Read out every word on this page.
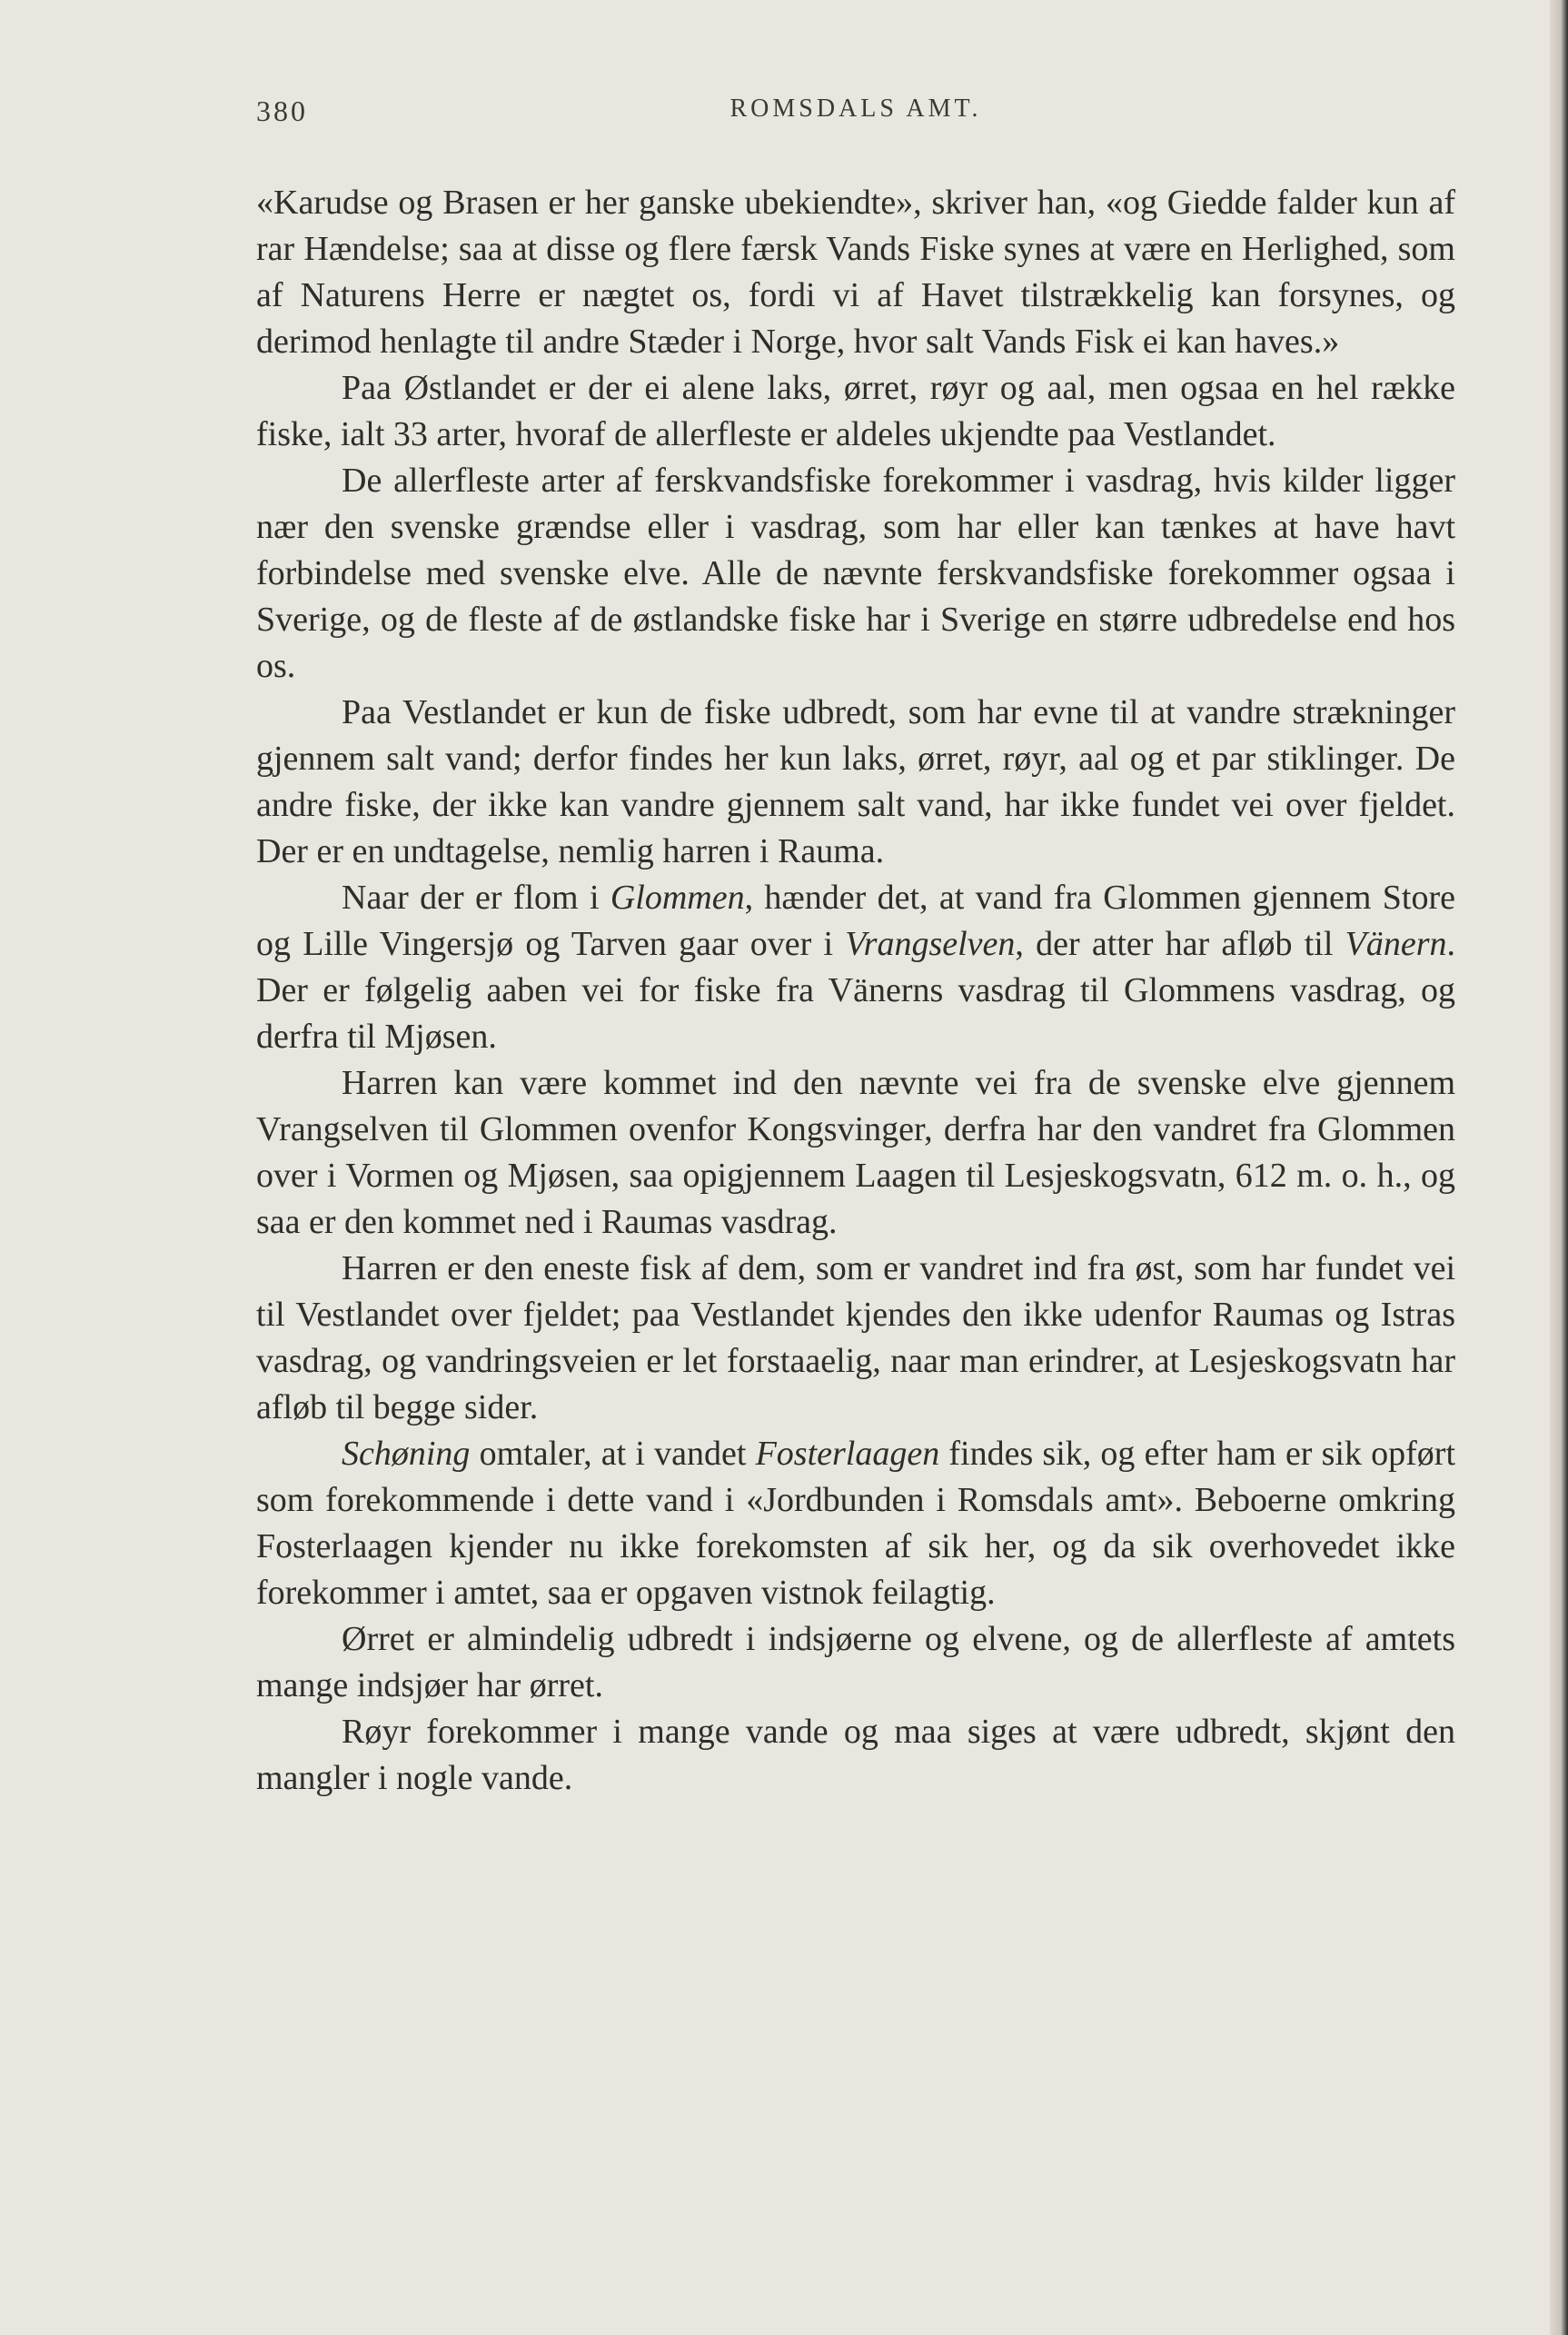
380	ROMSDALS AMT.

«Karudse og Brasen er her ganske ubekiendte», skriver han, «og Giedde falder kun af rar Hændelse; saa at disse og flere færsk Vands Fiske synes at være en Herlighed, som af Naturens Herre er nægtet os, fordi vi af Havet tilstrækkelig kan forsynes, og derimod henlagte til andre Stæder i Norge, hvor salt Vands Fisk ei kan haves.»

Paa Østlandet er der ei alene laks, ørret, røyr og aal, men ogsaa en hel række fiske, ialt 33 arter, hvoraf de allerfleste er aldeles ukjendte paa Vestlandet.

De allerfleste arter af ferskvandsfiske forekommer i vasdrag, hvis kilder ligger nær den svenske grændse eller i vasdrag, som har eller kan tænkes at have havt forbindelse med svenske elve. Alle de nævnte ferskvandsfiske forekommer ogsaa i Sverige, og de fleste af de østlandske fiske har i Sverige en større udbredelse end hos os.

Paa Vestlandet er kun de fiske udbredt, som har evne til at vandre strækninger gjennem salt vand; derfor findes her kun laks, ørret, røyr, aal og et par stiklinger. De andre fiske, der ikke kan vandre gjennem salt vand, har ikke fundet vei over fjeldet. Der er en undtagelse, nemlig harren i Rauma.

Naar der er flom i Glommen, hænder det, at vand fra Glommen gjennem Store og Lille Vingersjø og Tarven gaar over i Vrangselven, der atter har afløb til Vänern. Der er følgelig aaben vei for fiske fra Vänerns vasdrag til Glommens vasdrag, og derfra til Mjøsen.

Harren kan være kommet ind den nævnte vei fra de svenske elve gjennem Vrangselven til Glommen ovenfor Kongsvinger, derfra har den vandret fra Glommen over i Vormen og Mjøsen, saa opigjennem Laagen til Lesjeskogsvatn, 612 m. o. h., og saa er den kommet ned i Raumas vasdrag.

Harren er den eneste fisk af dem, som er vandret ind fra øst, som har fundet vei til Vestlandet over fjeldet; paa Vestlandet kjendes den ikke udenfor Raumas og Istras vasdrag, og vandringsveien er let forstaaelig, naar man erindrer, at Lesjeskogsvatn har afløb til begge sider.

Schøning omtaler, at i vandet Fosterlaagen findes sik, og efter ham er sik opført som forekommende i dette vand i «Jordbunden i Romsdals amt». Beboerne omkring Fosterlaagen kjender nu ikke forekomsten af sik her, og da sik overhovedet ikke forekommer i amtet, saa er opgaven vistnok feilagtig.

Ørret er almindelig udbredt i indsjøerne og elvene, og de allerfleste af amtets mange indsjøer har ørret.

Røyr forekommer i mange vande og maa siges at være udbredt, skjønt den mangler i nogle vande.
